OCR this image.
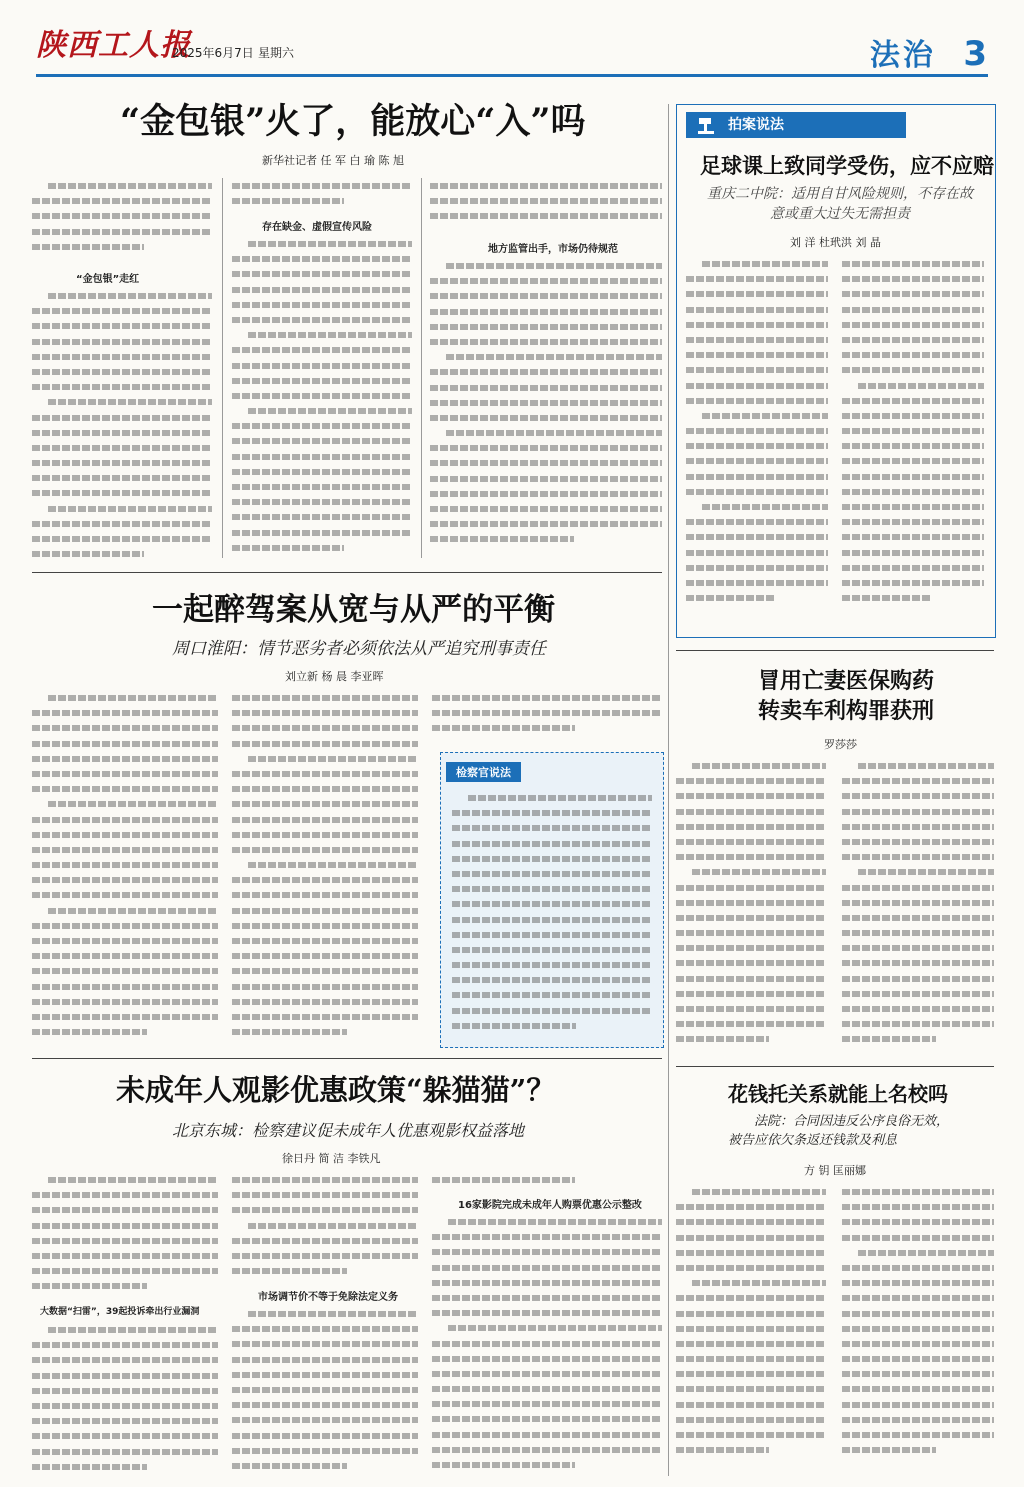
陕西工人报
2025年6月7日 星期六	法治 3
“金包银”火了，能放心“入”吗
新华社记者 任 军 白 瑜 陈 旭
“金包银”走红
存在缺金、虚假宣传风险
地方监管出手，市场仍待规范
拍案说法
足球课上致同学受伤，应不应赔
重庆二中院：适用自甘风险规则，不存在故意或重大过失无需担责
刘 洋 杜玳洪 刘 晶
一起醉驾案从宽与从严的平衡
周口淮阳：情节恶劣者必须依法从严追究刑事责任
刘立新 杨 晨 李亚晖
检察官说法
冒用亡妻医保购药
转卖车利构罪获刑
罗莎莎
未成年人观影优惠政策“躲猫猫”？
北京东城：检察建议促未成年人优惠观影权益落地
徐日丹 简 洁 李铁凡
大数据“扫雷”，39起投诉牵出行业漏洞
市场调节价不等于免除法定义务
16家影院完成未成年人购票优惠公示整改
花钱托关系就能上名校吗
法院：合同因违反公序良俗无效，
被告应依欠条返还钱款及利息
方 钥 匡丽娜
